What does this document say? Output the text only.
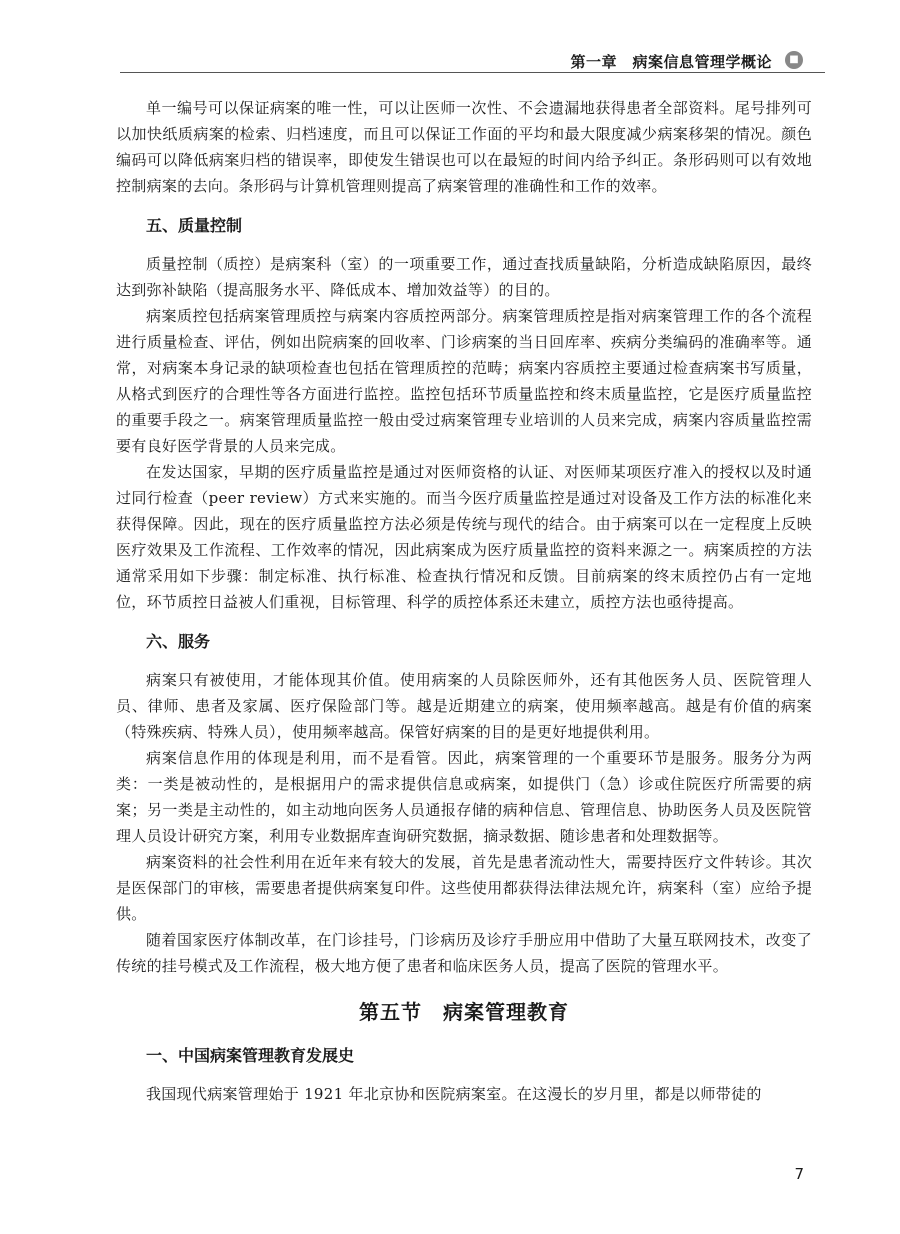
第一章　病案信息管理学概论	■

单一编号可以保证病案的唯一性，可以让医师一次性、不会遗漏地获得患者全部资料。尾号排列可以加快纸质病案的检索、归档速度，而且可以保证工作面的平均和最大限度减少病案移架的情况。颜色编码可以降低病案归档的错误率，即使发生错误也可以在最短的时间内给予纠正。条形码则可以有效地控制病案的去向。条形码与计算机管理则提高了病案管理的准确性和工作的效率。

五、质量控制

质量控制（质控）是病案科（室）的一项重要工作，通过查找质量缺陷，分析造成缺陷原因，最终达到弥补缺陷（提高服务水平、降低成本、增加效益等）的目的。

病案质控包括病案管理质控与病案内容质控两部分。病案管理质控是指对病案管理工作的各个流程进行质量检查、评估，例如出院病案的回收率、门诊病案的当日回库率、疾病分类编码的准确率等。通常，对病案本身记录的缺项检查也包括在管理质控的范畴；病案内容质控主要通过检查病案书写质量，从格式到医疗的合理性等各方面进行监控。监控包括环节质量监控和终末质量监控，它是医疗质量监控的重要手段之一。病案管理质量监控一般由受过病案管理专业培训的人员来完成，病案内容质量监控需要有良好医学背景的人员来完成。

在发达国家，早期的医疗质量监控是通过对医师资格的认证、对医师某项医疗准入的授权以及时通过同行检查（peer review）方式来实施的。而当今医疗质量监控是通过对设备及工作方法的标准化来获得保障。因此，现在的医疗质量监控方法必须是传统与现代的结合。由于病案可以在一定程度上反映医疗效果及工作流程、工作效率的情况，因此病案成为医疗质量监控的资料来源之一。病案质控的方法通常采用如下步骤：制定标准、执行标准、检查执行情况和反馈。目前病案的终末质控仍占有一定地位，环节质控日益被人们重视，目标管理、科学的质控体系还未建立，质控方法也亟待提高。

六、服务

病案只有被使用，才能体现其价值。使用病案的人员除医师外，还有其他医务人员、医院管理人员、律师、患者及家属、医疗保险部门等。越是近期建立的病案，使用频率越高。越是有价值的病案（特殊疾病、特殊人员），使用频率越高。保管好病案的目的是更好地提供利用。

病案信息作用的体现是利用，而不是看管。因此，病案管理的一个重要环节是服务。服务分为两类：一类是被动性的，是根据用户的需求提供信息或病案，如提供门（急）诊或住院医疗所需要的病案；另一类是主动性的，如主动地向医务人员通报存储的病种信息、管理信息、协助医务人员及医院管理人员设计研究方案，利用专业数据库查询研究数据，摘录数据、随诊患者和处理数据等。

病案资料的社会性利用在近年来有较大的发展，首先是患者流动性大，需要持医疗文件转诊。其次是医保部门的审核，需要患者提供病案复印件。这些使用都获得法律法规允许，病案科（室）应给予提供。

随着国家医疗体制改革，在门诊挂号，门诊病历及诊疗手册应用中借助了大量互联网技术，改变了传统的挂号模式及工作流程，极大地方便了患者和临床医务人员，提高了医院的管理水平。

第五节　病案管理教育
一、中国病案管理教育发展史

我国现代病案管理始于 1921 年北京协和医院病案室。在这漫长的岁月里，都是以师带徒的

7
